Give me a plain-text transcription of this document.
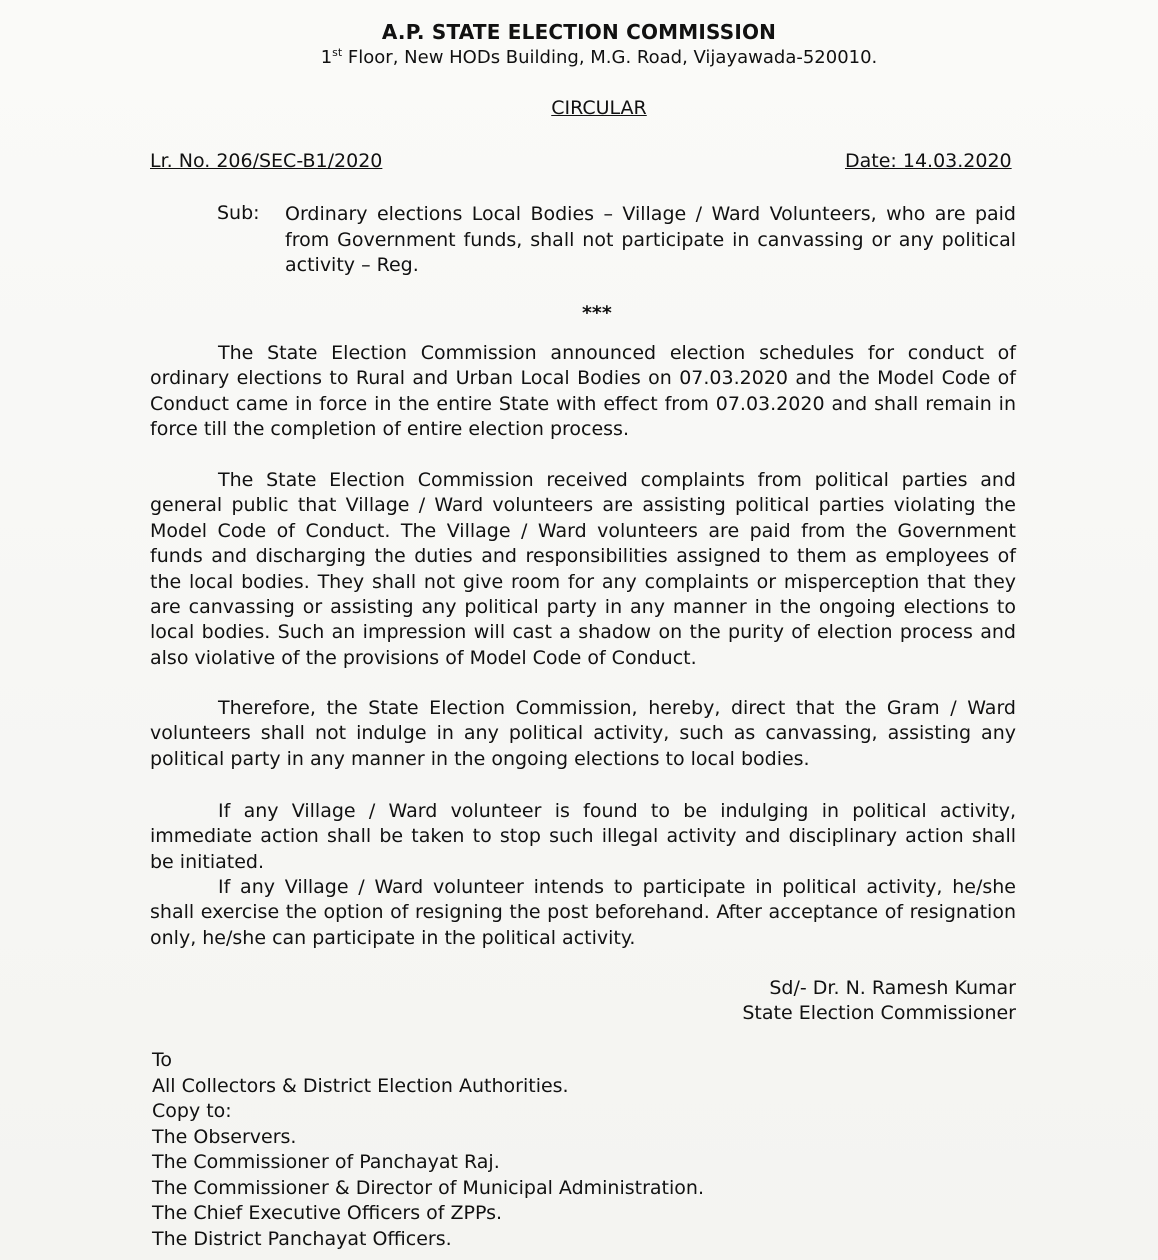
A.P. STATE ELECTION COMMISSION
1st Floor, New HODs Building, M.G. Road, Vijayawada-520010.
CIRCULAR
Lr. No. 206/SEC-B1/2020	Date: 14.03.2020
Sub: Ordinary elections Local Bodies – Village / Ward Volunteers, who are paid from Government funds, shall not participate in canvassing or any political activity – Reg.
***

The State Election Commission announced election schedules for conduct of ordinary elections to Rural and Urban Local Bodies on 07.03.2020 and the Model Code of Conduct came in force in the entire State with effect from 07.03.2020 and shall remain in force till the completion of entire election process.

The State Election Commission received complaints from political parties and general public that Village / Ward volunteers are assisting political parties violating the Model Code of Conduct. The Village / Ward volunteers are paid from the Government funds and discharging the duties and responsibilities assigned to them as employees of the local bodies. They shall not give room for any complaints or misperception that they are canvassing or assisting any political party in any manner in the ongoing elections to local bodies. Such an impression will cast a shadow on the purity of election process and also violative of the provisions of Model Code of Conduct.

Therefore, the State Election Commission, hereby, direct that the Gram / Ward volunteers shall not indulge in any political activity, such as canvassing, assisting any political party in any manner in the ongoing elections to local bodies.

If any Village / Ward volunteer is found to be indulging in political activity, immediate action shall be taken to stop such illegal activity and disciplinary action shall be initiated.

If any Village / Ward volunteer intends to participate in political activity, he/she shall exercise the option of resigning the post beforehand. After acceptance of resignation only, he/she can participate in the political activity.

Sd/- Dr. N. Ramesh Kumar
State Election Commissioner
To
All Collectors & District Election Authorities.
Copy to:
The Observers.
The Commissioner of Panchayat Raj.
The Commissioner & Director of Municipal Administration.
The Chief Executive Officers of ZPPs.
The District Panchayat Officers.
